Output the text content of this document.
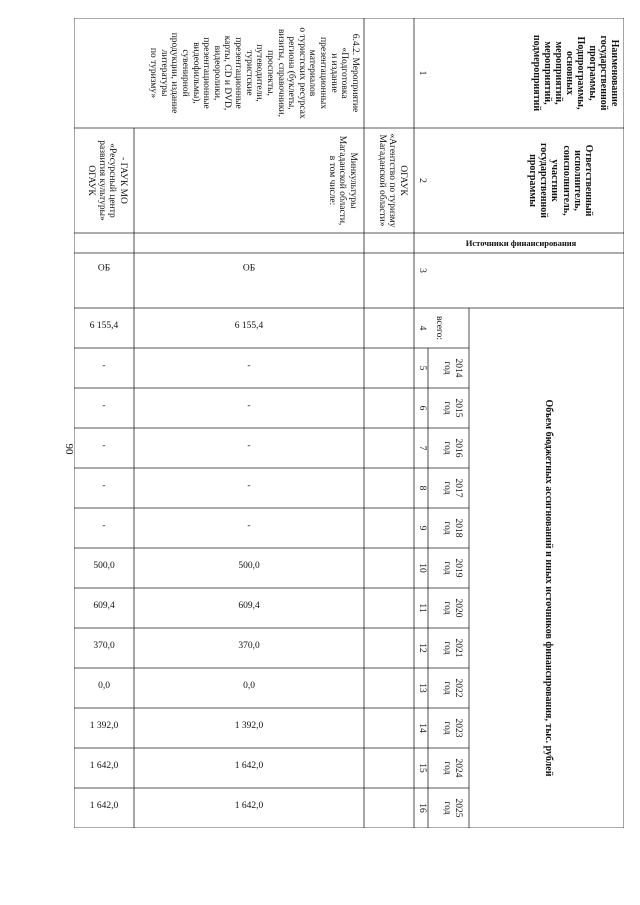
90
Наименование
государственной
программы,
Подпрограммы,
основных
мероприятий,
мероприятий,
подмероприятий
Ответственный
исполнитель,
соисполнитель,
участник
государственной
программы
Источники финансирования
Объем бюджетных ассигнований и иных источников финансирования, тыс. рублей
всего:
2014
год
2015
год
2016
год
2017
год
2018
год
2019
год
2020
год
2021
год
2022
год
2023
год
2024
год
2025
год
1
2
3
4
5
6
7
8
9
10
11
12
13
14
15
16
ОГАУК
«Агентство по туризму
Магаданской области»
6.4.2. Мероприятие
«Подготовка
и издание
презентационных
материалов
о туристских ресурсах
региона (буклеты,
визиты, справочники,
проспекты,
путеводители,
туристские
презентационные
карты, CD и DVD,
видеоролики,
презентационные
видеофильмы),
сувенирной
продукции, издание
литературы
по туризму»
Минкультуры
Магаданской области,
в том числе:
ОБ
6 155,4
-
-
-
-
-
500,0
609,4
370,0
0,0
1 392,0
1 642,0
1 642,0
- ГАУК МО
«Ресурсный центр
развития культуры»
ОГАУК
ОБ
6 155,4
-
-
-
-
-
500,0
609,4
370,0
0,0
1 392,0
1 642,0
1 642,0
